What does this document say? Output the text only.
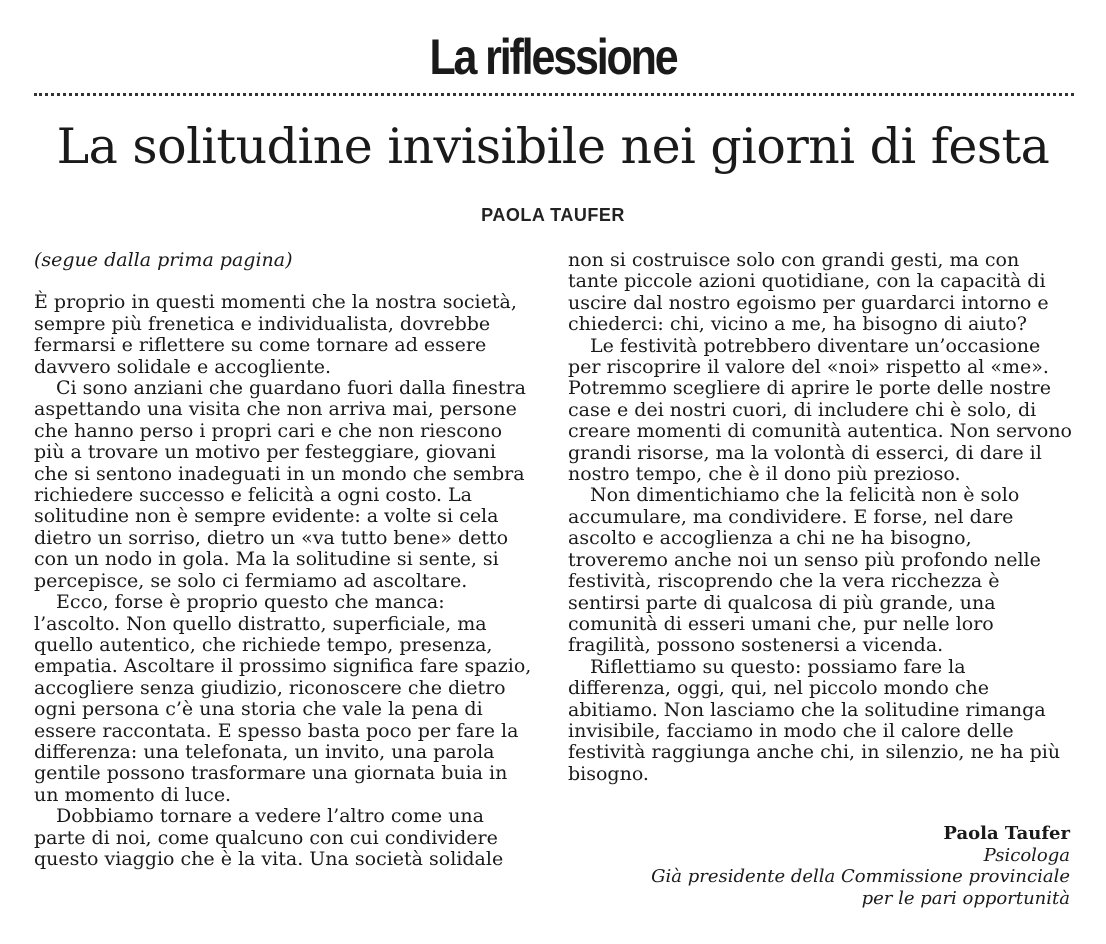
La riflessione
La solitudine invisibile nei giorni di festa
PAOLA TAUFER

(segue dalla prima pagina)

È proprio in questi momenti che la nostra società, sempre più frenetica e individualista, dovrebbe fermarsi e riflettere su come tornare ad essere davvero solidale e accogliente.

Ci sono anziani che guardano fuori dalla finestra aspettando una visita che non arriva mai, persone che hanno perso i propri cari e che non riescono più a trovare un motivo per festeggiare, giovani che si sentono inadeguati in un mondo che sembra richiedere successo e felicità a ogni costo. La solitudine non è sempre evidente: a volte si cela dietro un sorriso, dietro un «va tutto bene» detto con un nodo in gola. Ma la solitudine si sente, si percepisce, se solo ci fermiamo ad ascoltare.

Ecco, forse è proprio questo che manca: l’ascolto. Non quello distratto, superficiale, ma quello autentico, che richiede tempo, presenza, empatia. Ascoltare il prossimo significa fare spazio, accogliere senza giudizio, riconoscere che dietro ogni persona c’è una storia che vale la pena di essere raccontata. E spesso basta poco per fare la differenza: una telefonata, un invito, una parola gentile possono trasformare una giornata buia in un momento di luce.

Dobbiamo tornare a vedere l’altro come una parte di noi, come qualcuno con cui condividere questo viaggio che è la vita. Una società solidale

non si costruisce solo con grandi gesti, ma con tante piccole azioni quotidiane, con la capacità di uscire dal nostro egoismo per guardarci intorno e chiederci: chi, vicino a me, ha bisogno di aiuto?

Le festività potrebbero diventare un’occasione per riscoprire il valore del «noi» rispetto al «me». Potremmo scegliere di aprire le porte delle nostre case e dei nostri cuori, di includere chi è solo, di creare momenti di comunità autentica. Non servono grandi risorse, ma la volontà di esserci, di dare il nostro tempo, che è il dono più prezioso.

Non dimentichiamo che la felicità non è solo accumulare, ma condividere. E forse, nel dare ascolto e accoglienza a chi ne ha bisogno, troveremo anche noi un senso più profondo nelle festività, riscoprendo che la vera ricchezza è sentirsi parte di qualcosa di più grande, una comunità di esseri umani che, pur nelle loro fragilità, possono sostenersi a vicenda.

Riflettiamo su questo: possiamo fare la differenza, oggi, qui, nel piccolo mondo che abitiamo. Non lasciamo che la solitudine rimanga invisibile, facciamo in modo che il calore delle festività raggiunga anche chi, in silenzio, ne ha più bisogno.

Paola Taufer
Psicologa
Già presidente della Commissione provinciale
per le pari opportunità
